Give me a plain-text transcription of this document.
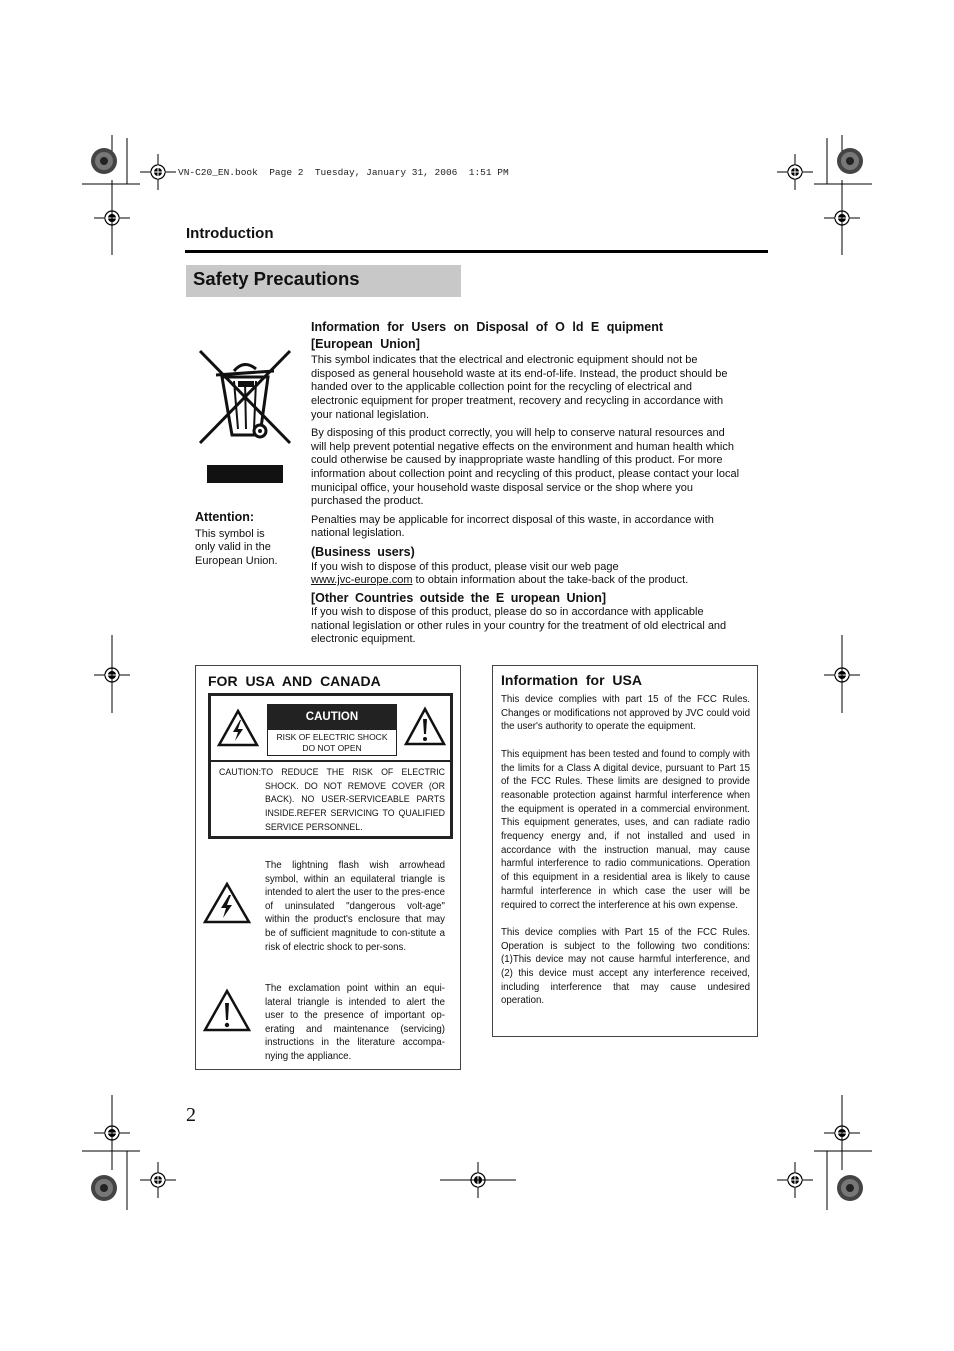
VN-C20_EN.book  Page 2  Tuesday, January 31, 2006  1:51 PM
Introduction
Safety Precautions
Attention:
This symbol is only valid in the European Union.
Information for Users on Disposal of O ld E quipment
[European Union]

This symbol indicates that the electrical and electronic equipment should not be disposed as general household waste at its end-of-life. Instead, the product should be handed over to the applicable collection point for the recycling of electrical and electronic equipment for proper treatment, recovery and recycling in accordance with your national legislation.

By disposing of this product correctly, you will help to conserve natural resources and will help prevent potential negative effects on the environment and human health which could otherwise be caused by inappropriate waste handling of this product. For more information about collection point and recycling of this product, please contact your local municipal office, your household waste disposal service or the shop where you purchased the product.

Penalties may be applicable for incorrect disposal of this waste, in accordance with national legislation.

(Business users)

If you wish to dispose of this product, please visit our web page
www.jvc-europe.com to obtain information about the take-back of the product.

[Other Countries outside the E uropean Union]

If you wish to dispose of this product, please do so in accordance with applicable national legislation or other rules in your country for the treatment of old electrical and electronic equipment.

FOR USA AND CANADA
CAUTION
RISK OF ELECTRIC SHOCK
DO NOT OPEN
CAUTION:TO REDUCE THE RISK OF ELECTRIC
SHOCK. DO NOT REMOVE COVER (OR BACK). NO USER-SERVICEABLE PARTS INSIDE.REFER SERVICING TO QUALIFIED SERVICE PERSONNEL.
The lightning flash wish arrowhead symbol, within an equilateral triangle is intended to alert the user to the pres-ence of uninsulated "dangerous volt-age" within the product's enclosure that may be of sufficient magnitude to con-stitute a risk of electric shock to per-sons.
The exclamation point within an equi-lateral triangle is intended to alert the user to the presence of important op-erating and maintenance (servicing) instructions in the literature accompa-nying the appliance.
Information for USA

This device complies with part 15 of the FCC Rules. Changes or modifications not approved by JVC could void the user's authority to operate the equipment.

This equipment has been tested and found to comply with the limits for a Class A digital device, pursuant to Part 15 of the FCC Rules. These limits are designed to provide reasonable protection against harmful interference when the equipment is operated in a commercial environment. This equipment generates, uses, and can radiate radio frequency energy and, if not installed and used in accordance with the instruction manual, may cause harmful interference to radio communications. Operation of this equipment in a residential area is likely to cause harmful interference in which case the user will be required to correct the interference at his own expense.

This device complies with Part 15 of the FCC Rules. Operation is subject to the following two conditions: (1)This device may not cause harmful interference, and (2) this device must accept any interference received, including interference that may cause undesired operation.

2
